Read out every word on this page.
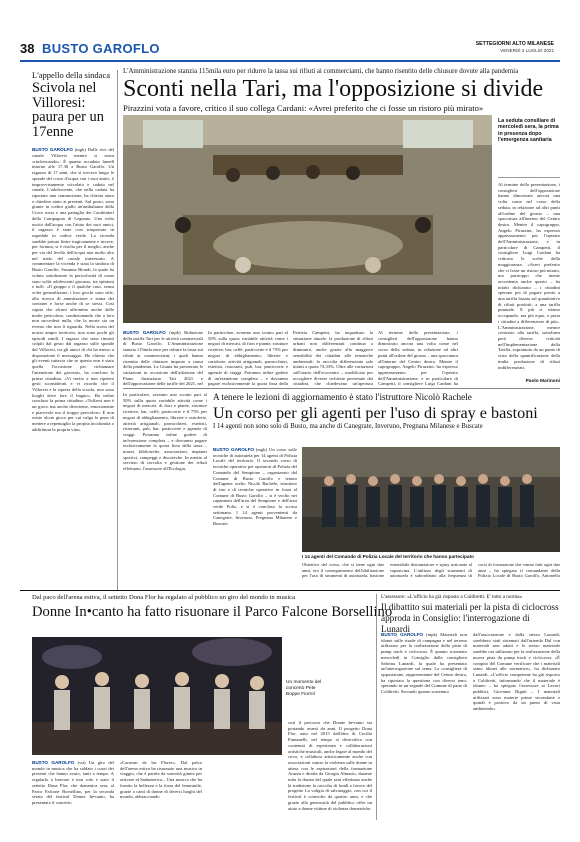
38 BUSTO GAROFLO	SETTEGIORNI ALTO MILANESE
VENERDÌ 2 LUGLIO 2021
L'appello della sindaca
Scivola nel Villoresi: paura per un 17enne
BUSTO GAROLFO (mgk) Dalle rive del canale Villoresi mentre si stava «rinfrescando». È quanto accaduto lunedì intorno alle 17.30 a Busto Garolfo. Un ragazzo di 17 anni, che si trovava lungo le sponde del corso d'acqua con i suoi amici, è improvvisamente scivolato e caduto nel canale. L'adolescente, che nella caduta ha riportato una commozione, ha chiesto aiuto e chiedere aiuto ai presenti. Sul posto, sono giunte in codice giallo un'ambulanza della Croce rossa e una pattuglia dei Carabinieri della Compagnia di Legnano. Una volta uscito dall'acqua con l'aiuto dei suoi amici, il ragazzo è stato così trasportato in ospedale in codice verde. La vicenda sarebbe potuta finire tragicamente e invece, per fortuna, si è risolta per il meglio, anche per via del livello dell'acqua non molto alto nel tratto del canale interessato. A commentare la vicenda è stata la sindaca di Busto Garolfo, Susanna Biondi, la quale ha voluto sottolineare la pericolosità di come sono soliti adolescenti giocano, tra spintoni e tuffi. «Il gruppo e il qualche caso, senza voler generalizzare, i loro giochi sono stile, alla ricerca di ammirazione e stima dei coetanei e forse anche di se stessi. Così capita che alcuni affrontino anche delle molte pericolose, condizionando che a loro non succederà nulla, che la morte sia un evento che non li riguarda. Nella storia del nostro ampio territorio, non sono pochi gli episodi simili. I ragazzi che sono rimasti colpiti dal gesto dal ragazzo sulle sponde del Villoresi, tra gli amici di chi ha messo a disposizione il messaggio. Ho chiesto che gli eventi tuttavia che se questa non è stato quella l'occasione per richiamare l'attenzione dei giovani», ha concluso la prima cittadina. «Vi invito a non ripetere gesti sconsiderati e vi ricordo che il Villoresi e la ripresa della scuola, non sono luoghi dove fare il bagno». Ha infine concluso la prima cittadina: «Tuffarsi non è un gioco ma anche divertente, emozionante e piacevole ma il troppo pericoloso. E non esiste alcun gioco per cui valga la pena di mettere a repentaglio la propria incolumità o addirittura la propria vita».
L'Amministrazione stanzia 115mila euro per ridurre la tassa sui rifiuti ai commercianti, che hanno risentito delle chiusure dovute alla pandemia
Sconti nella Tari, ma l'opposizione si divide
Pirazzini vota a favore, critico il suo collega Cardani: «Avrei preferito che ci fosse un ristoro più mirato»
La seduta consiliare di mercoledì sera, la prima in presenza dopo l'emergenza sanitaria
BUSTO GAROLFO (mpk) Riduzione della tariffa Tari per le attività commerciali di Busto Garolfo. L'Amministrazione stanzia 115mila euro per ridurre la tassa sui rifiuti ai commercianti, i quali hanno risentito delle chiusure imposte a causa della pandemia. La Giunta ha presentato le variazioni in occasione dell'adozione del Piano finanziario Tari 2021 e dell'approvazione delle tariffe del 2021, nel
In particolare, avranno uno sconto pari al 50% sulla quota variabile attività come i negozi di mercati, di fiori e piante, strutture ricettive, bar, caffè, pasticcerie e il 75% per negozi di abbigliamento, librerie e cartolerie, attività artigianali, parrucchieri, estetisti, ristoranti, pub, bar, pasticcerie e agenzie di viaggi. Potranno infine godere di un'esenzione completa – e dovranno pagare esclusivamente la quota fissa della
Patrizia Campetti, ha inquadrato la situazione attuale: la produzione di rifiuti urbani non differenziati continua a diminuire, anche grazie alla maggiore sensibilità dei cittadini alle tematiche ambientali; la raccolta differenziata sale infatti a quota 74,33%. Oltre alle variazioni sull'orario dell'ecocentro – modificato per accogliere diverse richieste pervenute dai cittadini, che chiedevano un'apertura
Al termine della presentazione, i consiglieri dell'opposizione hanno dimostrato ancora una volta come nel corso della seduta, in relazione ad altri punti all'ordine del giorno – una spaccatura all'interno del Centro destra. Mentre il capogruppo, Angelo Pirazzini, ha espresso apprezzamento per l'operato dell'Amministrazione, e in particolare di Campetti, il consigliere Luigi Cardani ha
Al termine della presentazione, i consiglieri dell'opposizione hanno dimostrato ancora una volta come nel corso della seduta, in relazione ad altri punti all'ordine del giorno – una spaccatura all'interno del Centro destra. Mentre il capogruppo, Angelo Pirazzini, ha espresso apprezzamento per l'operato dell'Amministrazione, e in particolare di Campetti, il consigliere Luigi Cardani ha criticato le scelte della maggioranza. «Avrei preferito che ci fosse un ristoro più mirato, ma purtroppo che niente accontenta anche questo – ha infatti dichiarato – i cittadini sperano poi di pagare presto a una tariffa basata sul quantitativo di rifiuti prodotti, a una tariffa puntuale. E più ci stiamo occupando, ma più equo, e porta i cittadini a differenziare di più». L'Amministrazione, mentre contrario alla tariffa, sottolinea però diverse criticità nell'implementazione della Tariffa, soprattutto da un punto di vista della quantificazione della multa produzione di rifiuti indifferenziati.
Paolo Marinoni
A tenere le lezioni di aggiornamento è stato l'istruttore Nicolò Rachele
Un corso per gli agenti per l'uso di spray e bastoni
I 14 agenti non sono solo di Busto, ma anche di Canegrate, Inveruno, Pregnana Milanese e Buscate
In particolare, avranno uno sconto pari al 50% sulla quota variabile attività come i negozi di mercati, di fiori e piante, strutture ricettive, bar, caffè, pasticcerie e il 75% per negozi di abbigliamento, librerie e cartolerie, attività artigianali, parrucchieri, estetisti, ristoranti, pub, bar, pasticcerie e agenzie di viaggi. Potranno infine godere di un'esenzione completa – e dovranno pagare esclusivamente la quota fissa della tassa – musei, biblioteche, associazioni, impianti sportivi, campeggi e discoteche. In merito al servizio di raccolta e gestione dei rifiuti effettuato, l'assessore all'Ecologia,
BUSTO GAROLFO (mgk) Un corso sulle tecniche di autotutela per 14 agenti di Polizia Locale del territorio. Il secondo corso di tecniche operative per operatori di Polizia del Comando del Sempione – organizzato dal Comune di Busto Garolfo e tenuto dall'agente scelto Nicolò Rachele, istruttore di tiro e di tecniche operative in forza al Comune di Busto Garolfo – si è svolto nei capannoni dell'area del Sempione e dell'area verde Polis, e si è concluso la scorsa settimana. I 14 agenti provenienti da Canegrate, Inveruno, Pregnana Milanese e Buscate.
I 14 agenti del Comando di Polizia Locale del territorio che hanno partecipato
Obiettivo del corso, che si tiene ogni due anni, era il conseguimento dell'abilitazione per l'uso di strumenti di autotutela, bastone estensibile distanziatore e spray urticante al capsaicina. L'utilizzo degli strumenti di autotutela è subordinato alla frequenza di corsi di formazione che vanno fatti ogni due anni – ha spiegato il comandante della Polizia Locale di Busto Garolfo, Antonello
Dal paco dell'arena estiva, il settetto Dona Flor ha regalato al pubblico un giro del mondo in musica
Donne In•canto ha fatto risuonare il Parco Falcone Borsellino
Un momento del concerto Pete Boppe Fiorrol
BUSTO GAROLFO (sst) Un giro del mondo in musica che ha saldato i cuori dei presenti che hanno avuto, tanti a tempo. A regalarlo a bravure e non solo e stato il settetto Dona Flor, che domenica sera, al Parco Falcone Borsellino, per la seconda serata del festival Donne In•canto, ha presentato il concerto
«Caravan de las Flores». Dal palco dell'arena estiva ha risuonato una musica in viaggio, che è partita da sonorità giunte per arrivare al Sudamerica... Una musica che ha fornito la bellezza e la forza del femminile, grazie a canti di donne di diversi luoghi del mondo, abbracciando
così il percorso che Donne In•canto sta portando avanti da anni. Il progetto Dona Flor, nato nel 2015 dall'idea di Cecilia Fumanelli, nel tempo si diversifica con contenuti di esperienza e collaborazioni artistiche musicali, anche legate al mondo del circo, e collabora artisticamente anche con associazioni contro la violenza sulle donne in attesa con le aspirazioni della formazione Arazza e diretta da Giorgio Almasio, durante tutta la durata del quale sarà effettuata anche la tradizione la raccolta di fondi a favore del progetto La valigia di salvataggio, con cui il festival è coinvolto da quattro anni, e che grazie alla generosità del pubblico offre un aiuto a donne vittime di violenza domestiche.
L'assessore: «L'ufficio ha già risposto a Coldiretti. E' tutto a norma»
Il dibattito sui materiali per la pista di ciclocross approda in Consiglio: l'interrogazione di Lunardi
BUSTO GAROLFO (mpk) Materiali non idonei sulle strade di campagna e nel terreno utilizzato per la realizzazione della pista di pump track e ciclocross. È quanto sostenuto mercoledì in Consiglio dalla consigliera Sabrina Lunardi, la quale ha presentato un'interrogazione sul tema. La consigliera di opposizione, rappresentante del Centro destra, ha riportato la questione con diversi temi, sperando in un segnale del Comune di parte di Coldiretti. Secondo quanto sostenuto
dall'associazione e dalla stessa Lunardi, sarebbero stati sistemati dall'azienda Dal con materiali non adatti e lo stesso materiale sarebbe ora utilizzato per la realizzazione della nuova pista da pump track e ciclocross. «È compito del Comune verificare che i materiali siano idonei alle normative», ha dichiarato Lunardi. «L'ufficio competente ha già risposto a Coldiretti, informando che il materiale è idoneo – ha spiegato l'assessore ai Lavori pubblici, Giovanni Riginì – I materiali utilizzati sono materie prime secondarie e quindi è positivo da un punto di vista ambientale».
